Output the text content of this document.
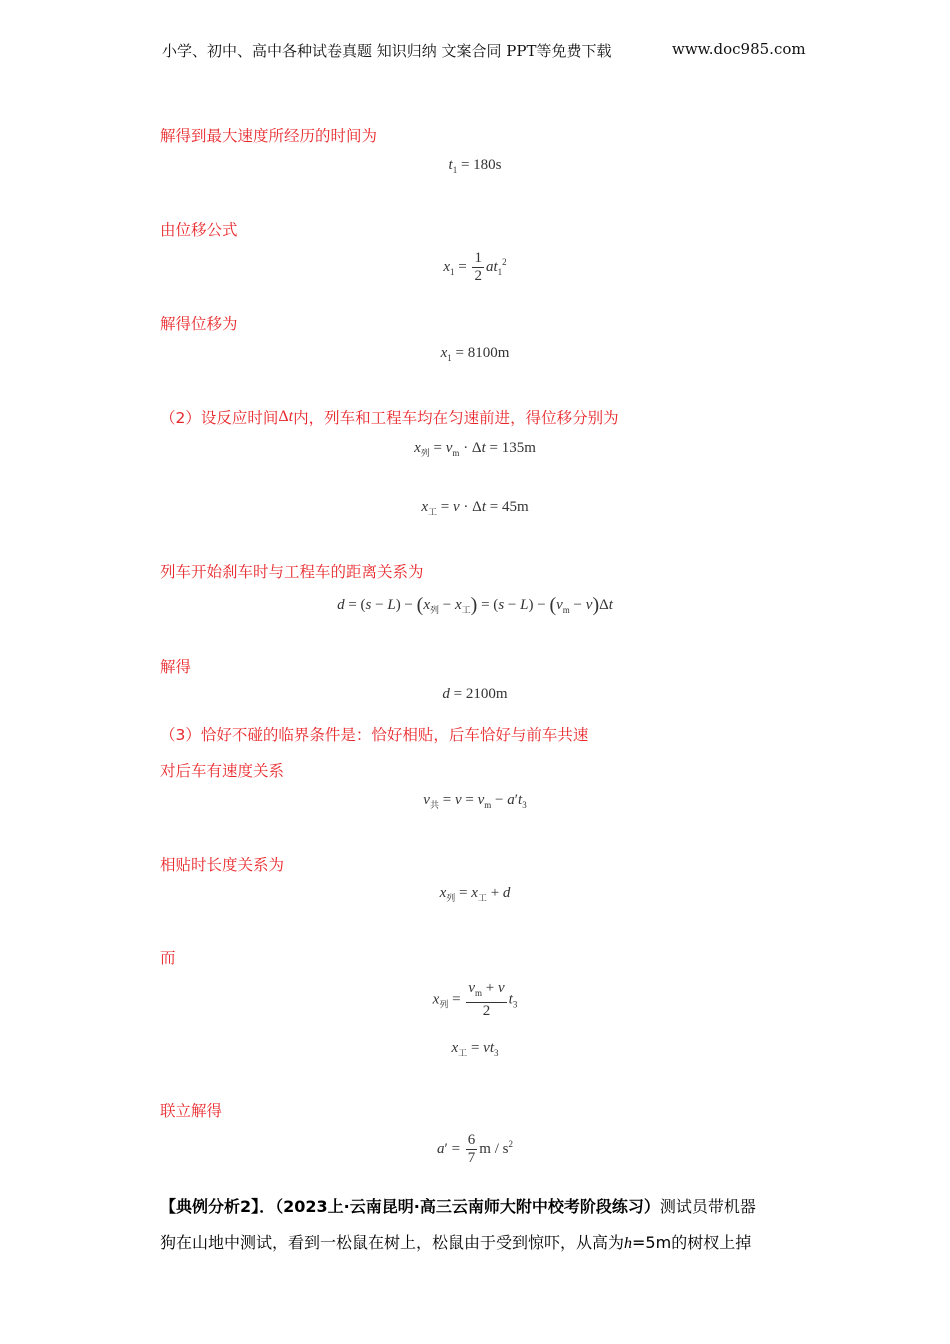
小学、初中、高中各种试卷真题 知识归纳 文案合同 PPT等免费下载	www.doc985.com
解得到最大速度所经历的时间为
$t_1 = 180s$
由位移公式
$x_1 = \frac{1}{2} at_1^2$
解得位移为
$x_1 = 8100m$
（2）设反应时间Δt内，列车和工程车均在匀速前进，得位移分别为
$x_列 = v_m \cdot \Delta t = 135m$
$x_工 = v \cdot \Delta t = 45m$
列车开始刹车时与工程车的距离关系为
$d = (s - L) - (x_列 - x_工) = (s - L) - (v_m - v)\Delta t$
解得
d = 2100m
（3）恰好不碰的临界条件是：恰好相贴，后车恰好与前车共速
对后车有速度关系
$v_共 = v = v_m - a't_3$
相贴时长度关系为
$x_列 = x_工 + d$
而
$x_列 = \frac{v_m + v}{2} t_3$
$x_工 = vt_3$
联立解得
$a' = \frac{6}{7}$ m / $s^2$
【典例分析2】．（2023上·云南昆明·高三云南师大附中校考阶段练习）测试员带机器
狗在山地中测试，看到一松鼠在树上，松鼠由于受到惊吓，从高为h=5m的树杈上掉
